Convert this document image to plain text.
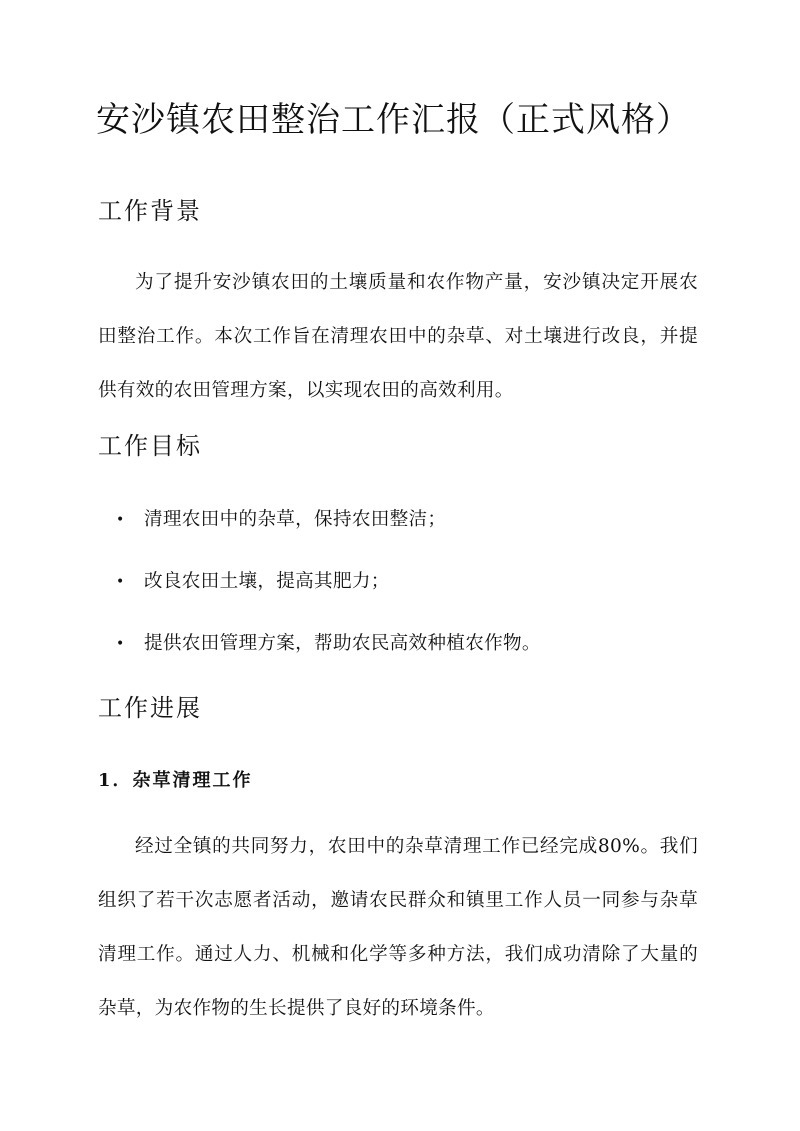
安沙镇农田整治工作汇报（正式风格）
工作背景

为了提升安沙镇农田的土壤质量和农作物产量，安沙镇决定开展农田整治工作。本次工作旨在清理农田中的杂草、对土壤进行改良，并提供有效的农田管理方案，以实现农田的高效利用。

工作目标
• 清理农田中的杂草，保持农田整洁；
• 改良农田土壤，提高其肥力；
• 提供农田管理方案，帮助农民高效种植农作物。
工作进展
1．杂草清理工作

经过全镇的共同努力，农田中的杂草清理工作已经完成80%。我们组织了若干次志愿者活动，邀请农民群众和镇里工作人员一同参与杂草清理工作。通过人力、机械和化学等多种方法，我们成功清除了大量的杂草，为农作物的生长提供了良好的环境条件。
